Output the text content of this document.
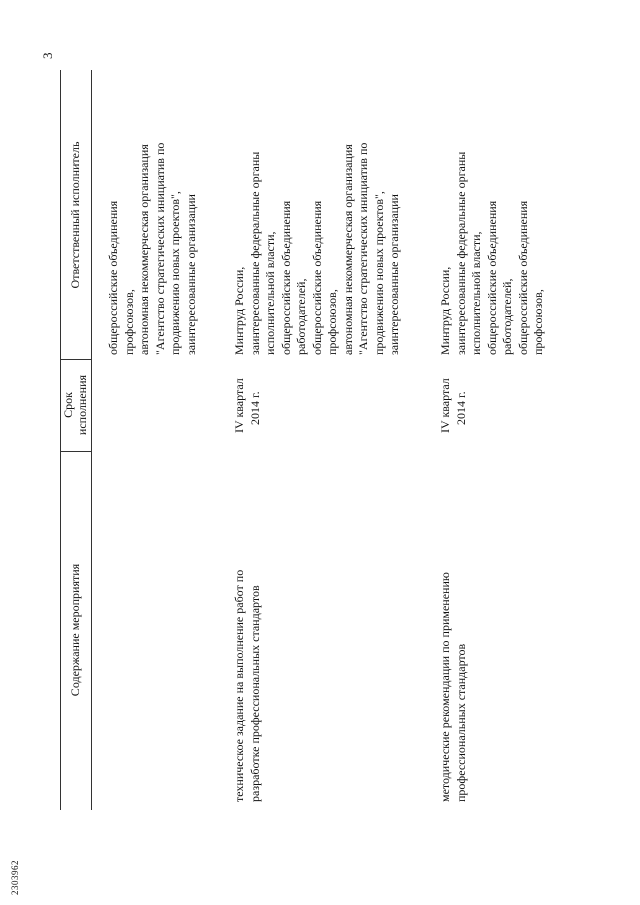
3
2303962
Содержание мероприятия
Срок исполнения
Ответственный исполнитель общероссийские объединения профсоюзов, автономная некоммерческая организация "Агентство стратегических инициатив по продвижению новых проектов", заинтересованные организации
техническое задание на выполнение работ по разработке профессиональных стандартов
IV квартал 2014 г.
Минтруд России, заинтересованные федеральные органы исполнительной власти, общероссийские объединения работодателей, общероссийские объединения профсоюзов, автономная некоммерческая организация "Агентство стратегических инициатив по продвижению новых проектов", заинтересованные организации
методические рекомендации по применению профессиональных стандартов
IV квартал 2014 г.
Минтруд России, заинтересованные федеральные органы исполнительной власти, общероссийские объединения работодателей, общероссийские объединения профсоюзов,
